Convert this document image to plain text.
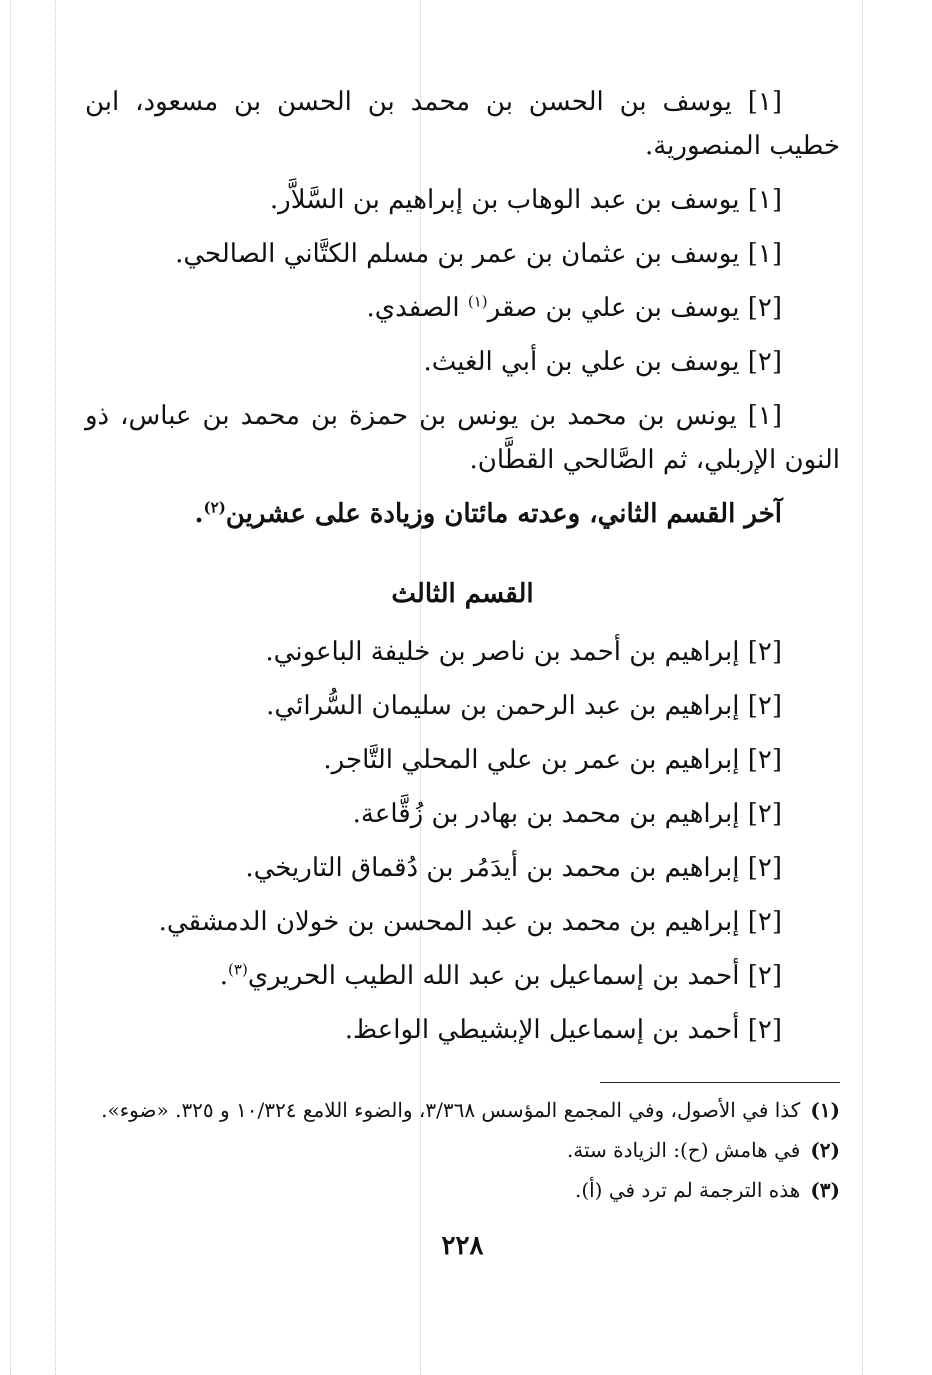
[١] يوسف بن الحسن بن محمد بن الحسن بن مسعود، ابن خطيب المنصورية.
[١] يوسف بن عبد الوهاب بن إبراهيم بن السَّلاَّر.
[١] يوسف بن عثمان بن عمر بن مسلم الكتَّاني الصالحي.
[٢] يوسف بن علي بن صقر$^{(١)}$ الصفدي.
[٢] يوسف بن علي بن أبي الغيث.
[١] يونس بن محمد بن يونس بن حمزة بن محمد بن عباس، ذو النون الإربلي، ثم الصَّالحي القطَّان.
آخر القسم الثاني، وعدته مائتان وزيادة على عشرين$^{(٢)}$.
القسم الثالث
[٢] إبراهيم بن أحمد بن ناصر بن خليفة الباعوني.
[٢] إبراهيم بن عبد الرحمن بن سليمان السُّرائي.
[٢] إبراهيم بن عمر بن علي المحلي التَّاجر.
[٢] إبراهيم بن محمد بن بهادر بن زُقَّاعة.
[٢] إبراهيم بن محمد بن أيدَمُر بن دُقماق التاريخي.
[٢] إبراهيم بن محمد بن عبد المحسن بن خولان الدمشقي.
[٢] أحمد بن إسماعيل بن عبد الله الطيب الحريري$^{(٣)}$.
[٢] أحمد بن إسماعيل الإبشيطي الواعظ.
(١)كذا في الأصول، وفي المجمع المؤسس ٣/٣٦٨، والضوء اللامع ١٠/٣٢٤ و ٣٢٥. «ضوء».
(٢)في هامش (ح): الزيادة ستة.
(٣)هذه الترجمة لم ترد في (أ).
٢٢٨
